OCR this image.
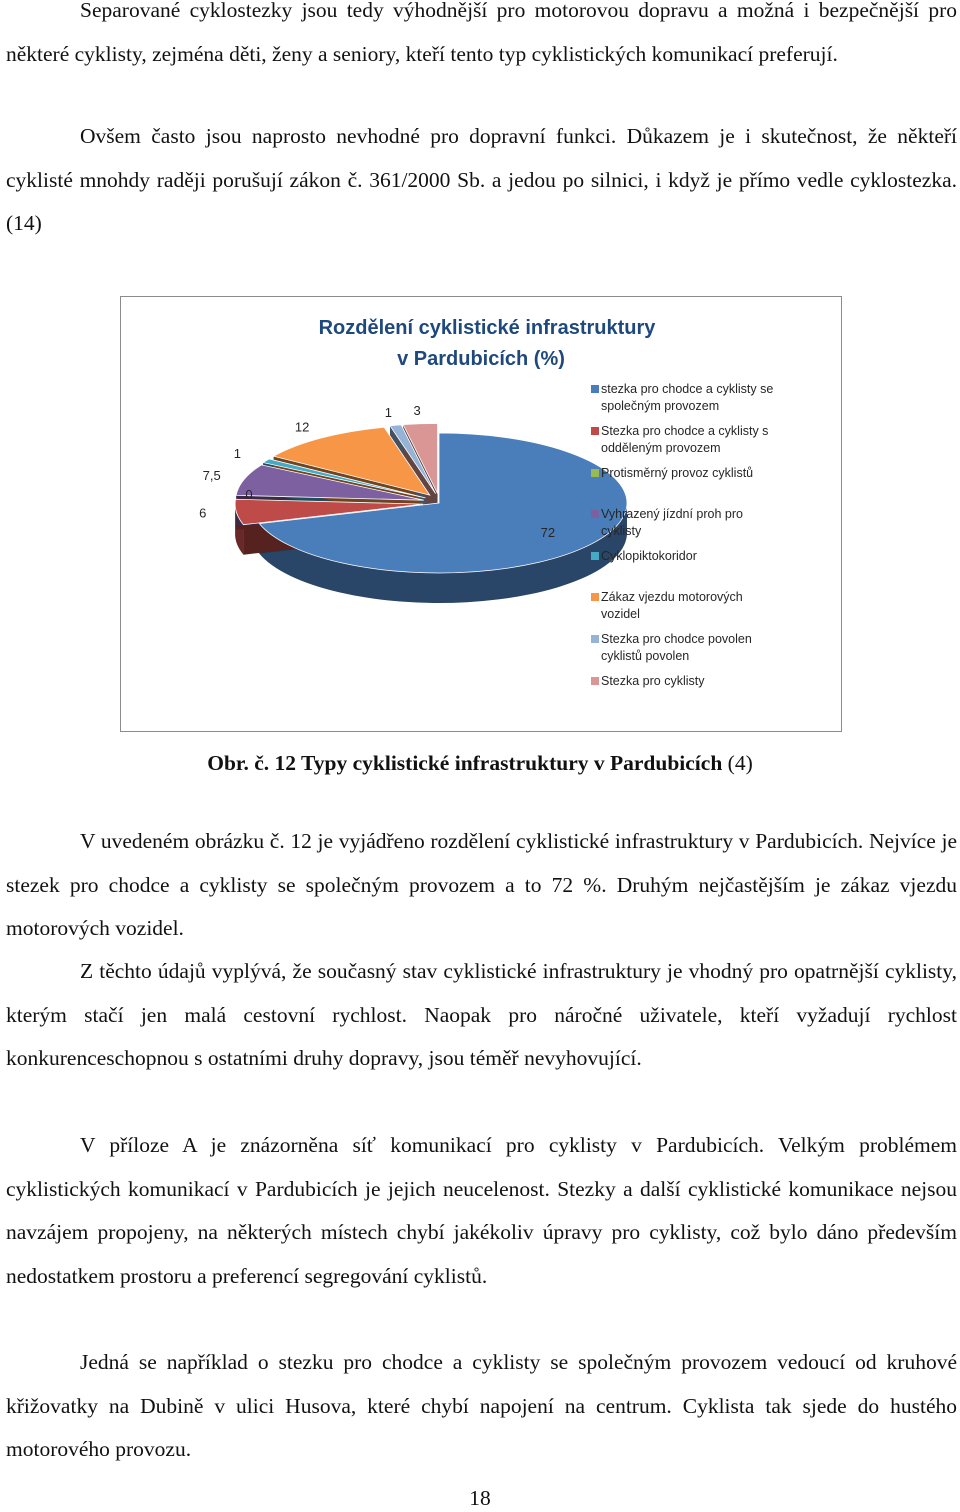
Separované cyklostezky jsou tedy výhodnější pro motorovou dopravu a možná i bezpečnější pro některé cyklisty, zejména děti, ženy a seniory, kteří tento typ cyklistických komunikací preferují.

Ovšem často jsou naprosto nevhodné pro dopravní funkci. Důkazem je i skutečnost, že někteří cyklisté mnohdy raději porušují zákon č. 361/2000 Sb. a jedou po silnici, i když je přímo vedle cyklostezka. (14)

Rozdělení cyklistické infrastruktury
v Pardubicích (%)
72
6
0
7,5
1
12
1 3
stezka pro chodce a cyklisty se
společným provozem
Stezka pro chodce a cyklisty s
odděleným provozem
Protisměrný provoz cyklistů
Vyhrazený jízdní proh pro
cyklisty
Cyklopiktokoridor
Zákaz vjezdu motorových
vozidel
Stezka pro chodce povolen
cyklistů povolen
Stezka pro cyklisty
Obr. č. 12 Typy cyklistické infrastruktury v Pardubicích (4)

V uvedeném obrázku č. 12 je vyjádřeno rozdělení cyklistické infrastruktury v Pardubicích. Nejvíce je stezek pro chodce a cyklisty se společným provozem a to 72 %. Druhým nejčastějším je zákaz vjezdu motorových vozidel.

Z těchto údajů vyplývá, že současný stav cyklistické infrastruktury je vhodný pro opatrnější cyklisty, kterým stačí jen malá cestovní rychlost. Naopak pro náročné uživatele, kteří vyžadují rychlost konkurenceschopnou s ostatními druhy dopravy, jsou téměř nevyhovující.

V příloze A je znázorněna síť komunikací pro cyklisty v Pardubicích. Velkým problémem cyklistických komunikací v Pardubicích je jejich neucelenost. Stezky a další cyklistické komunikace nejsou navzájem propojeny, na některých místech chybí jakékoliv úpravy pro cyklisty, což bylo dáno především nedostatkem prostoru a preferencí segregování cyklistů.

Jedná se například o stezku pro chodce a cyklisty se společným provozem vedoucí od kruhové křižovatky na Dubině v ulici Husova, které chybí napojení na centrum. Cyklista tak sjede do hustého motorového provozu.

18
